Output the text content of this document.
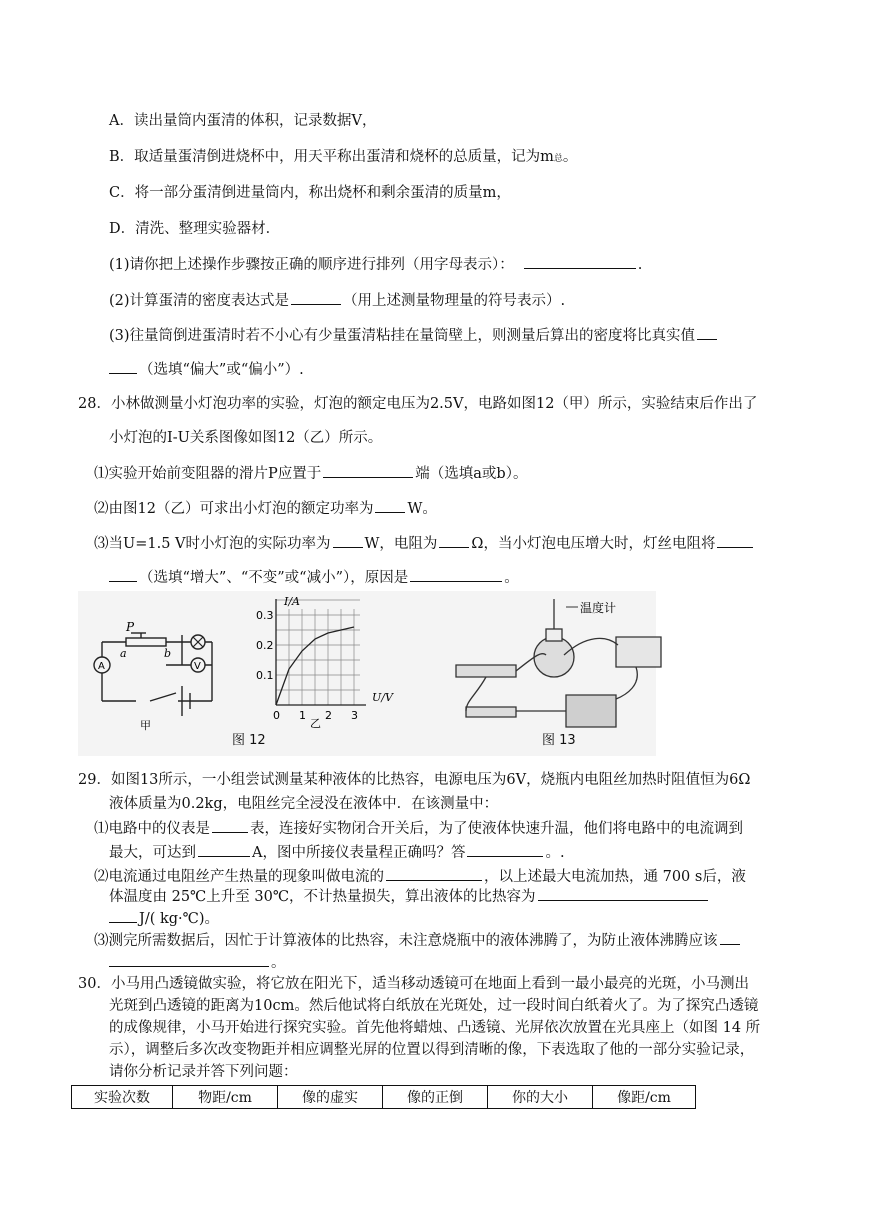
A．读出量筒内蛋清的体积，记录数据V，
B．取适量蛋清倒进烧杯中，用天平称出蛋清和烧杯的总质量，记为m总。
C．将一部分蛋清倒进量筒内，称出烧杯和剩余蛋清的质量m，
D．清洗、整理实验器材．
(1)请你把上述操作步骤按正确的顺序进行排列（用字母表示）：	.
(2)计算蛋清的密度表达式是	（用上述测量物理量的符号表示）.
(3)往量筒倒进蛋清时若不小心有少量蛋清粘挂在量筒壁上，则测量后算出的密度将比真实值
（选填“偏大”或“偏小”）.
28．小林做测量小灯泡功率的实验，灯泡的额定电压为2.5V，电路如图12（甲）所示，实验结束后作出了
小灯泡的I-U关系图像如图12（乙）所示。
⑴实验开始前变阻器的滑片P应置于	端（选填a或b）。
⑵由图12（乙）可求出小灯泡的额定功率为 W。
⑶当U=1.5 V时小灯泡的实际功率为 W，电阻为 Ω，当小灯泡电压增大时，灯丝电阻将
（选填“增大”、“不变”或“减小”），原因是	。
A	V
P
a	b
甲
0.3
0.2
0.1
0 1 2 3
I/A
U/V
乙
图 12
温度计
图 13
29．如图13所示，一小组尝试测量某种液体的比热容，电源电压为6V，烧瓶内电阻丝加热时阻值恒为6Ω
液体质量为0.2kg，电阻丝完全浸没在液体中．在该测量中：
⑴电路中的仪表是	表，连接好实物闭合开关后，为了使液体快速升温，他们将电路中的电流调到
最大，可达到	A，图中所接仪表量程正确吗？答	。.
⑵电流通过电阻丝产生热量的现象叫做电流的	，以上述最大电流加热，通 700 s后，液
体温度由 25℃上升至 30℃，不计热量损失，算出液体的比热容为
J/( kg·℃)。
⑶测完所需数据后，因忙于计算液体的比热容，未注意烧瓶中的液体沸腾了，为防止液体沸腾应该
。
30．小马用凸透镜做实验，将它放在阳光下，适当移动透镜可在地面上看到一最小最亮的光斑，小马测出
光斑到凸透镜的距离为10cm。然后他试将白纸放在光斑处，过一段时间白纸着火了。为了探究凸透镜
的成像规律，小马开始进行探究实验。首先他将蜡烛、凸透镜、光屏依次放置在光具座上（如图 14 所
示），调整后多次改变物距并相应调整光屏的位置以得到清晰的像，下表选取了他的一部分实验记录，
实验次数	物距/cm	像的虚实	像的正倒	你的大小	像距/cm
请你分析记录并答下列问题：
